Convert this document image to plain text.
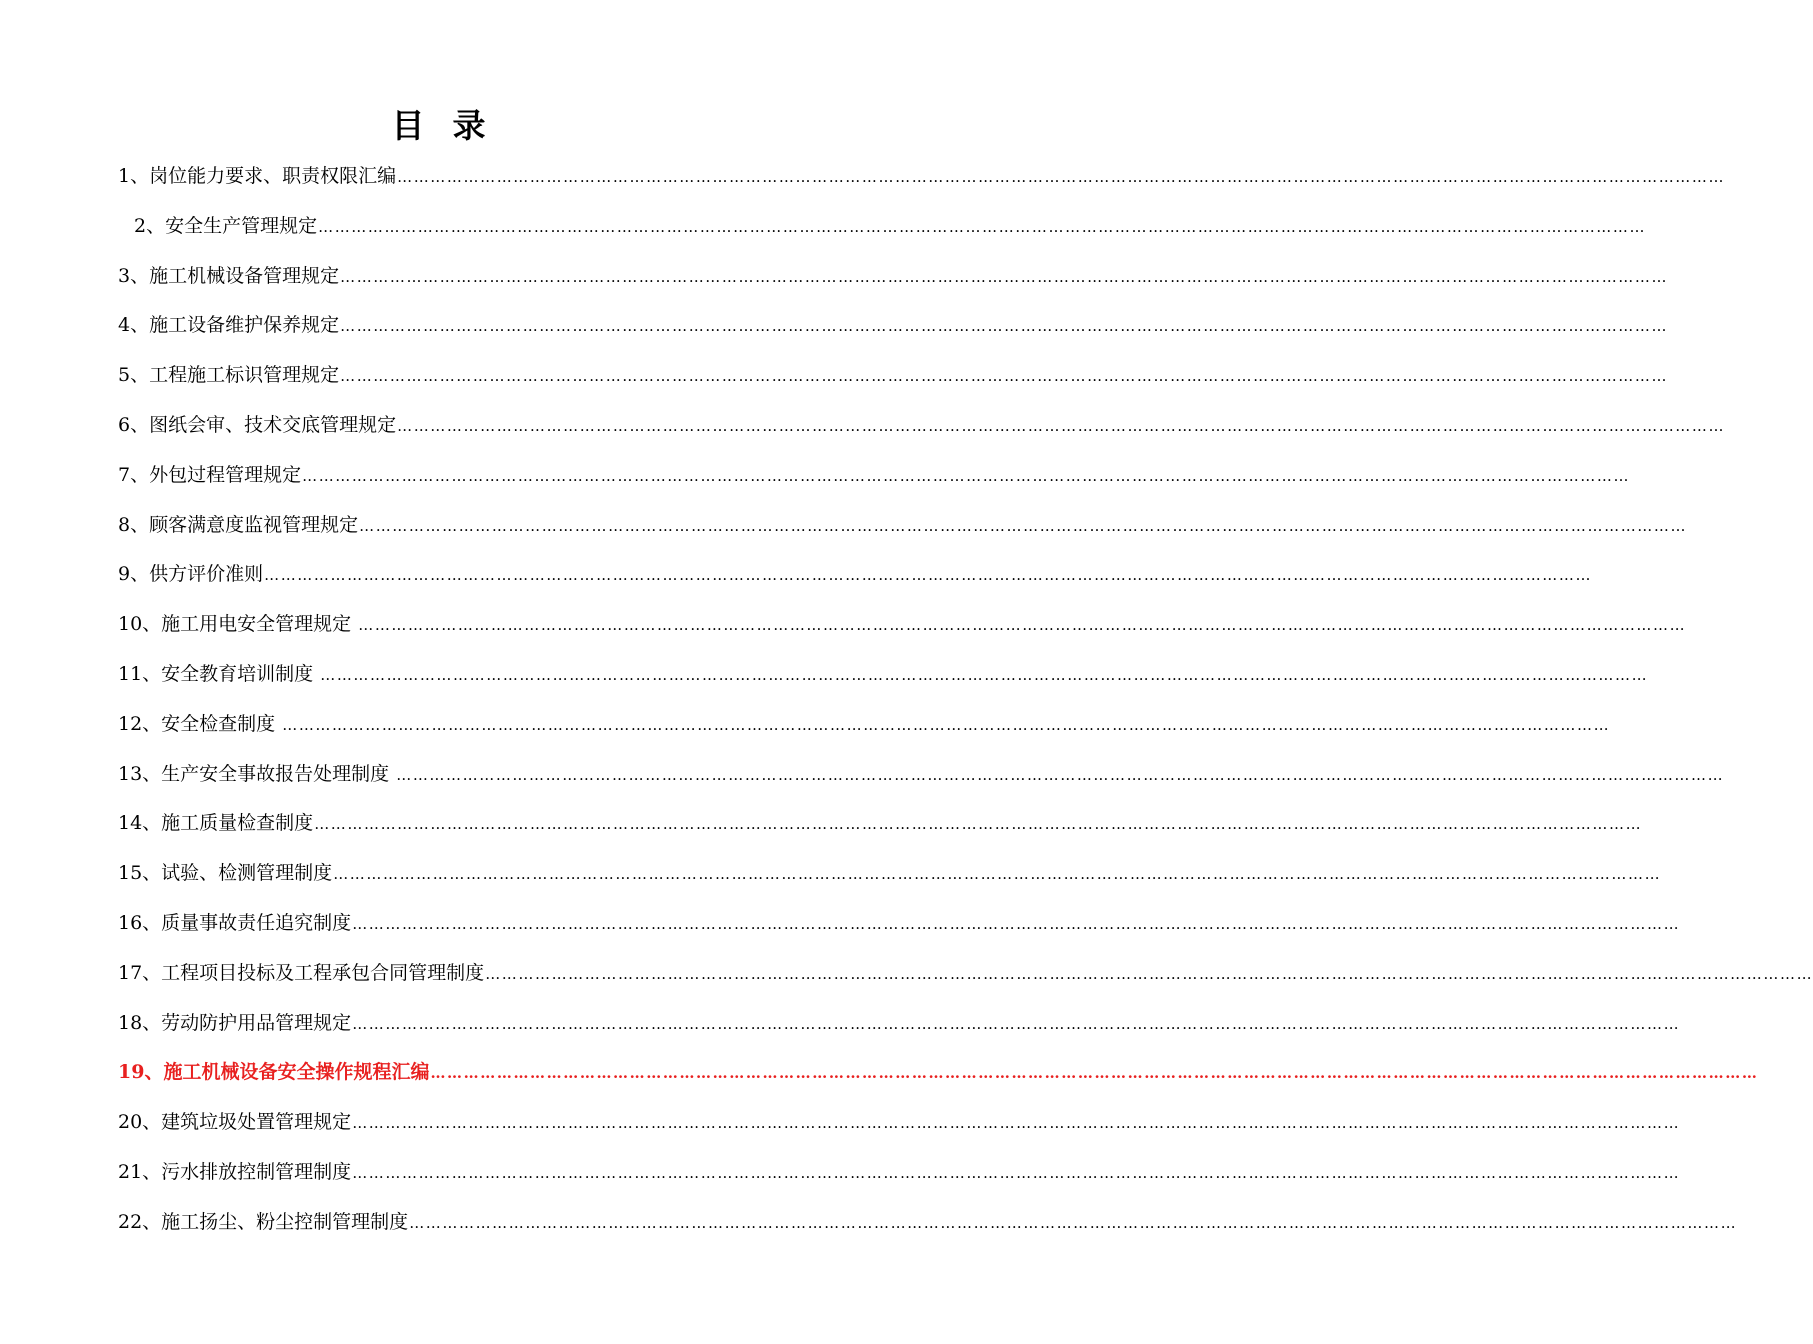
目录
1、岗位能力要求、职责权限汇编 ……………………………………………………………………………………………………………………………………………………………………………………………………………………
2、安全生产管理规定 ……………………………………………………………………………………………………………………………………………………………………………………………………………………
3、施工机械设备管理规定 ……………………………………………………………………………………………………………………………………………………………………………………………………………………
4、施工设备维护保养规定 ……………………………………………………………………………………………………………………………………………………………………………………………………………………
5、工程施工标识管理规定 ……………………………………………………………………………………………………………………………………………………………………………………………………………………
6、图纸会审、技术交底管理规定 ……………………………………………………………………………………………………………………………………………………………………………………………………………………
7、外包过程管理规定 ……………………………………………………………………………………………………………………………………………………………………………………………………………………
8、顾客满意度监视管理规定 ……………………………………………………………………………………………………………………………………………………………………………………………………………………
9、供方评价准则 ……………………………………………………………………………………………………………………………………………………………………………………………………………………
10、施工用电安全管理规定 ……………………………………………………………………………………………………………………………………………………………………………………………………………………
11、安全教育培训制度 ……………………………………………………………………………………………………………………………………………………………………………………………………………………
12、安全检查制度 ……………………………………………………………………………………………………………………………………………………………………………………………………………………
13、生产安全事故报告处理制度 ……………………………………………………………………………………………………………………………………………………………………………………………………………………
14、施工质量检查制度 ……………………………………………………………………………………………………………………………………………………………………………………………………………………
15、试验、检测管理制度 ……………………………………………………………………………………………………………………………………………………………………………………………………………………
16、质量事故责任追究制度 ……………………………………………………………………………………………………………………………………………………………………………………………………………………
17、工程项目投标及工程承包合同管理制度 ……………………………………………………………………………………………………………………………………………………………………………………………………………………
18、劳动防护用品管理规定 ……………………………………………………………………………………………………………………………………………………………………………………………………………………
19、施工机械设备安全操作规程汇编 ……………………………………………………………………………………………………………………………………………………………………………………………………………………
20、建筑垃圾处置管理规定 ……………………………………………………………………………………………………………………………………………………………………………………………………………………
21、污水排放控制管理制度 ……………………………………………………………………………………………………………………………………………………………………………………………………………………
22、施工扬尘、粉尘控制管理制度 ……………………………………………………………………………………………………………………………………………………………………………………………………………………
